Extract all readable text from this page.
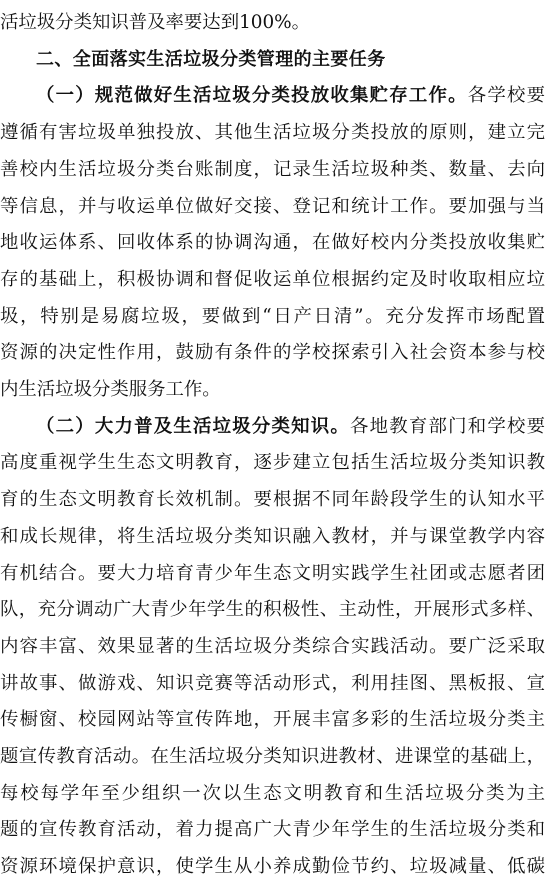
活垃圾分类知识普及率要达到100%。
二、全面落实生活垃圾分类管理的主要任务
（一）规范做好生活垃圾分类投放收集贮存工作。各学校要
遵循有害垃圾单独投放、其他生活垃圾分类投放的原则，建立完
善校内生活垃圾分类台账制度，记录生活垃圾种类、数量、去向
等信息，并与收运单位做好交接、登记和统计工作。要加强与当
地收运体系、回收体系的协调沟通，在做好校内分类投放收集贮
存的基础上，积极协调和督促收运单位根据约定及时收取相应垃
圾，特别是易腐垃圾，要做到“日产日清”。充分发挥市场配置
资源的决定性作用，鼓励有条件的学校探索引入社会资本参与校
内生活垃圾分类服务工作。
（二）大力普及生活垃圾分类知识。各地教育部门和学校要
高度重视学生生态文明教育，逐步建立包括生活垃圾分类知识教
育的生态文明教育长效机制。要根据不同年龄段学生的认知水平
和成长规律，将生活垃圾分类知识融入教材，并与课堂教学内容
有机结合。要大力培育青少年生态文明实践学生社团或志愿者团
队，充分调动广大青少年学生的积极性、主动性，开展形式多样、
内容丰富、效果显著的生活垃圾分类综合实践活动。要广泛采取
讲故事、做游戏、知识竞赛等活动形式，利用挂图、黑板报、宣
传橱窗、校园网站等宣传阵地，开展丰富多彩的生活垃圾分类主
题宣传教育活动。在生活垃圾分类知识进教材、进课堂的基础上，
每校每学年至少组织一次以生态文明教育和生活垃圾分类为主
题的宣传教育活动，着力提高广大青少年学生的生活垃圾分类和
资源环境保护意识，使学生从小养成勤俭节约、垃圾减量、低碳
